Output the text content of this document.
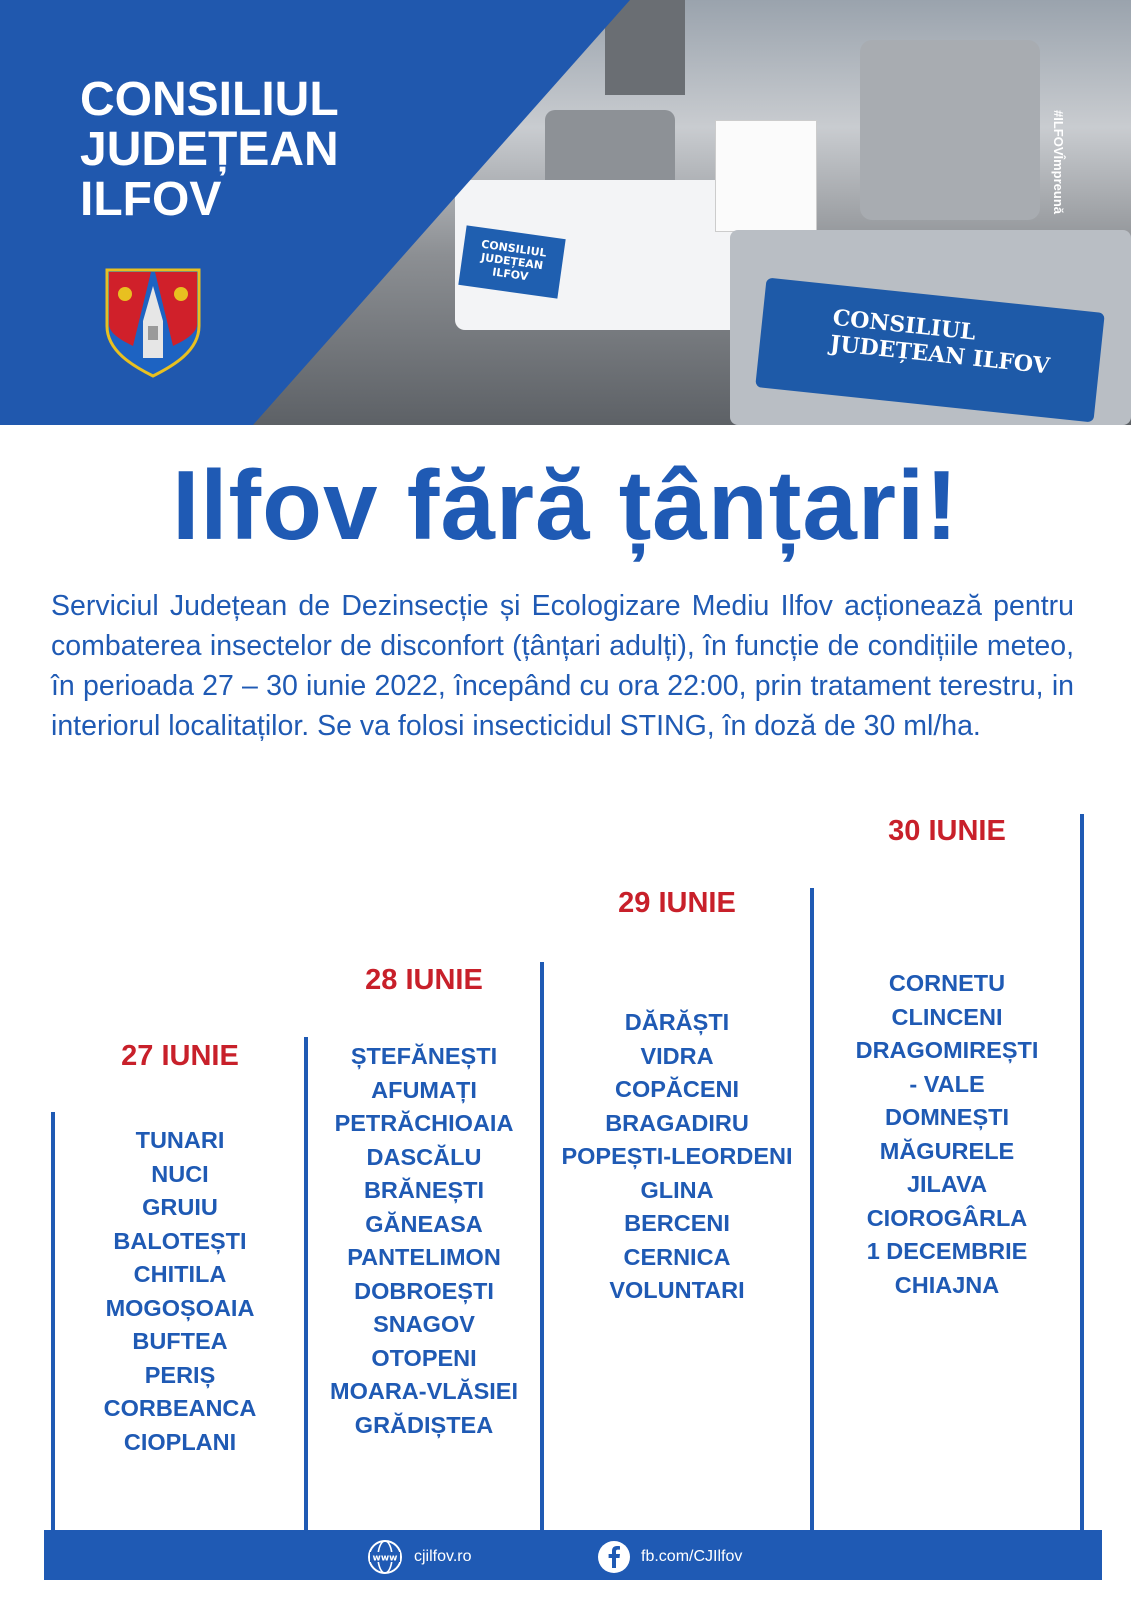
CONSILIUL JUDEȚEAN ILFOV
CONSILIUL JUDEȚEAN ILFOV

CONSILIUL JUDEȚEAN ILFOV	#ILFOVÎmpreună
Ilfov fără țânțari!

Serviciul Județean de Dezinsecție și Ecologizare Mediu Ilfov acționează pentru combaterea insectelor de disconfort (țânțari adulți), în funcție de condițiile meteo, în perioada 27 – 30 iunie 2022, începând cu ora 22:00, prin tratament terestru, in interiorul localitaților. Se va folosi insecticidul STING, în doză de 30 ml/ha.

27 IUNIE

TUNARI
NUCI
GRUIU
BALOTEȘTI
CHITILA
MOGOȘOAIA
BUFTEA
PERIȘ
CORBEANCA
CIOPLANI

28 IUNIE

ȘTEFĂNEȘTI
AFUMAȚI
PETRĂCHIOAIA
DASCĂLU
BRĂNEȘTI
GĂNEASA
PANTELIMON
DOBROEȘTI
SNAGOV
OTOPENI
MOARA-VLĂSIEI
GRĂDIȘTEA

29 IUNIE

DĂRĂȘTI
VIDRA
COPĂCENI
BRAGADIRU
POPEȘTI-LEORDENI
GLINA
BERCENI
CERNICA
VOLUNTARI

30 IUNIE

CORNETU
CLINCENI
DRAGOMIREȘTI
- VALE
DOMNEȘTI
MĂGURELE
JILAVA
CIOROGÂRLA
1 DECEMBRIE
CHIAJNA
www cjilfov.ro	fb.com/CJIlfov
